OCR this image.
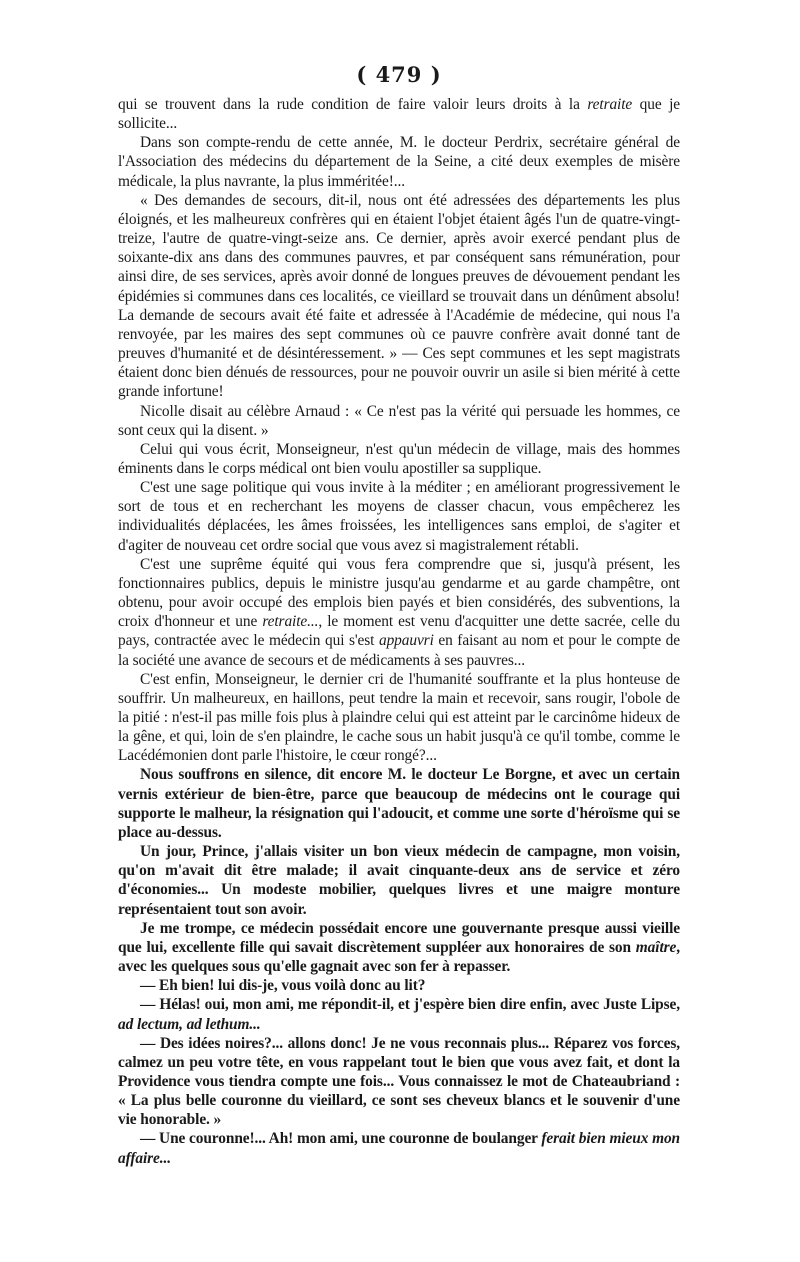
( 479 )

qui se trouvent dans la rude condition de faire valoir leurs droits à la retraite que je sollicite...

Dans son compte-rendu de cette année, M. le docteur Perdrix, secrétaire général de l'Association des médecins du département de la Seine, a cité deux exemples de misère médicale, la plus navrante, la plus imméritée!...

« Des demandes de secours, dit-il, nous ont été adressées des départements les plus éloignés, et les malheureux confrères qui en étaient l'objet étaient âgés l'un de quatre-vingt-treize, l'autre de quatre-vingt-seize ans. Ce dernier, après avoir exercé pendant plus de soixante-dix ans dans des communes pauvres, et par conséquent sans rémunération, pour ainsi dire, de ses services, après avoir donné de longues preuves de dévouement pendant les épidémies si communes dans ces localités, ce vieillard se trouvait dans un dénûment absolu! La demande de secours avait été faite et adressée à l'Académie de médecine, qui nous l'a renvoyée, par les maires des sept communes où ce pauvre confrère avait donné tant de preuves d'humanité et de désintéressement. » — Ces sept communes et les sept magistrats étaient donc bien dénués de ressources, pour ne pouvoir ouvrir un asile si bien mérité à cette grande infortune!

Nicolle disait au célèbre Arnaud : « Ce n'est pas la vérité qui persuade les hommes, ce sont ceux qui la disent. »

Celui qui vous écrit, Monseigneur, n'est qu'un médecin de village, mais des hommes éminents dans le corps médical ont bien voulu apostiller sa supplique.

C'est une sage politique qui vous invite à la méditer ; en améliorant progressivement le sort de tous et en recherchant les moyens de classer chacun, vous empêcherez les individualités déplacées, les âmes froissées, les intelligences sans emploi, de s'agiter et d'agiter de nouveau cet ordre social que vous avez si magistralement rétabli.

C'est une suprême équité qui vous fera comprendre que si, jusqu'à présent, les fonctionnaires publics, depuis le ministre jusqu'au gendarme et au garde champêtre, ont obtenu, pour avoir occupé des emplois bien payés et bien considérés, des subventions, la croix d'honneur et une retraite..., le moment est venu d'acquitter une dette sacrée, celle du pays, contractée avec le médecin qui s'est appauvri en faisant au nom et pour le compte de la société une avance de secours et de médicaments à ses pauvres...

C'est enfin, Monseigneur, le dernier cri de l'humanité souffrante et la plus honteuse de souffrir. Un malheureux, en haillons, peut tendre la main et recevoir, sans rougir, l'obole de la pitié : n'est-il pas mille fois plus à plaindre celui qui est atteint par le carcinôme hideux de la gêne, et qui, loin de s'en plaindre, le cache sous un habit jusqu'à ce qu'il tombe, comme le Lacédémonien dont parle l'histoire, le cœur rongé?...

Nous souffrons en silence, dit encore M. le docteur Le Borgne, et avec un certain vernis extérieur de bien-être, parce que beaucoup de médecins ont le courage qui supporte le malheur, la résignation qui l'adoucit, et comme une sorte d'héroïsme qui se place au-dessus.

Un jour, Prince, j'allais visiter un bon vieux médecin de campagne, mon voisin, qu'on m'avait dit être malade; il avait cinquante-deux ans de service et zéro d'économies... Un modeste mobilier, quelques livres et une maigre monture représentaient tout son avoir.

Je me trompe, ce médecin possédait encore une gouvernante presque aussi vieille que lui, excellente fille qui savait discrètement suppléer aux honoraires de son maître, avec les quelques sous qu'elle gagnait avec son fer à repasser.

— Eh bien! lui dis-je, vous voilà donc au lit?

— Hélas! oui, mon ami, me répondit-il, et j'espère bien dire enfin, avec Juste Lipse, ad lectum, ad lethum...

— Des idées noires?... allons donc! Je ne vous reconnais plus... Réparez vos forces, calmez un peu votre tête, en vous rappelant tout le bien que vous avez fait, et dont la Providence vous tiendra compte une fois... Vous connaissez le mot de Chateaubriand : « La plus belle couronne du vieillard, ce sont ses cheveux blancs et le souvenir d'une vie honorable. »

— Une couronne!... Ah! mon ami, une couronne de boulanger ferait bien mieux mon affaire...
